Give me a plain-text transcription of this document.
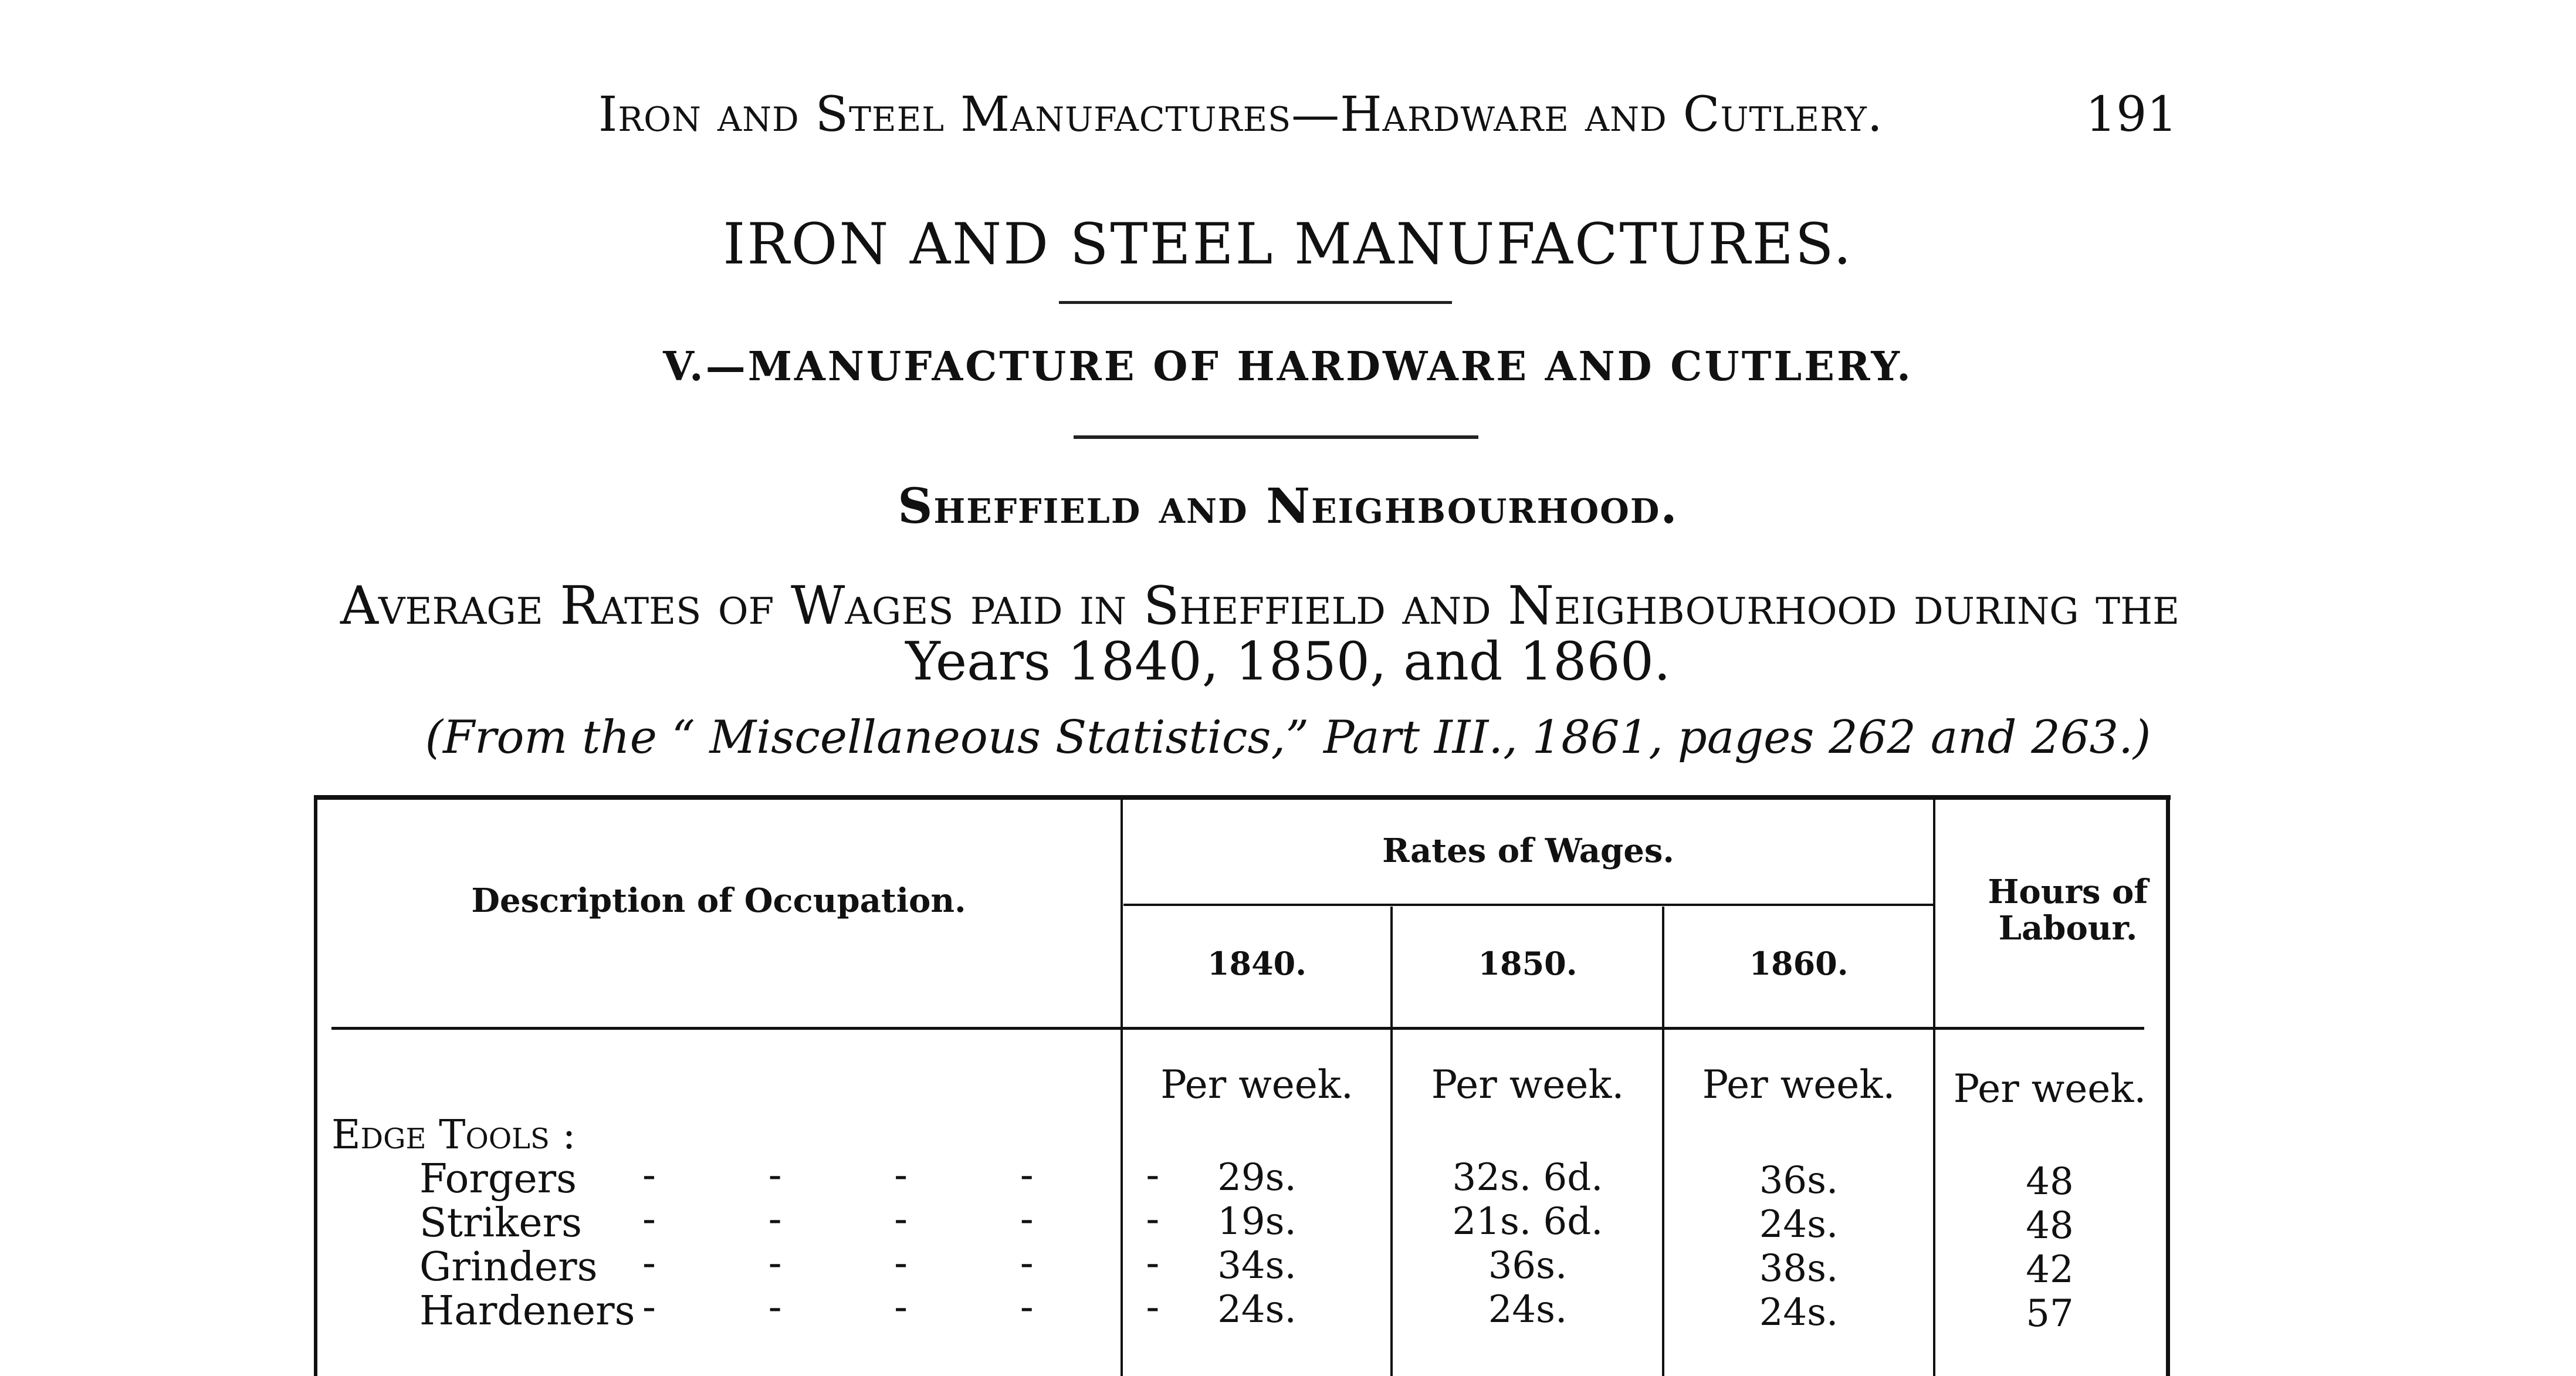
Iron and Steel Manufactures—Hardware and Cutlery.	191
IRON AND STEEL MANUFACTURES.
V.—MANUFACTURE OF HARDWARE AND CUTLERY.
Sheffield and Neighbourhood.
Average Rates of Wages paid in Sheffield and Neighbourhood during the
Years 1840, 1850, and 1860.
(From the “ Miscellaneous Statistics,” Part III., 1861, pages 262 and 263.)
Description of Occupation.
Rates of Wages.
1840.	1850.	1860.
Hours of Labour.
Per week.	Per week.	Per week.	Per week.
Edge Tools :
Forgers - - - - - 29s.	32s. 6d.	36s.	48
Strikers - - - - - 19s.	21s. 6d.	24s.	48
Grinders - - - - - 34s.	36s.	38s.	42
Hardeners - - - - - 24s.	24s.	24s.	57
